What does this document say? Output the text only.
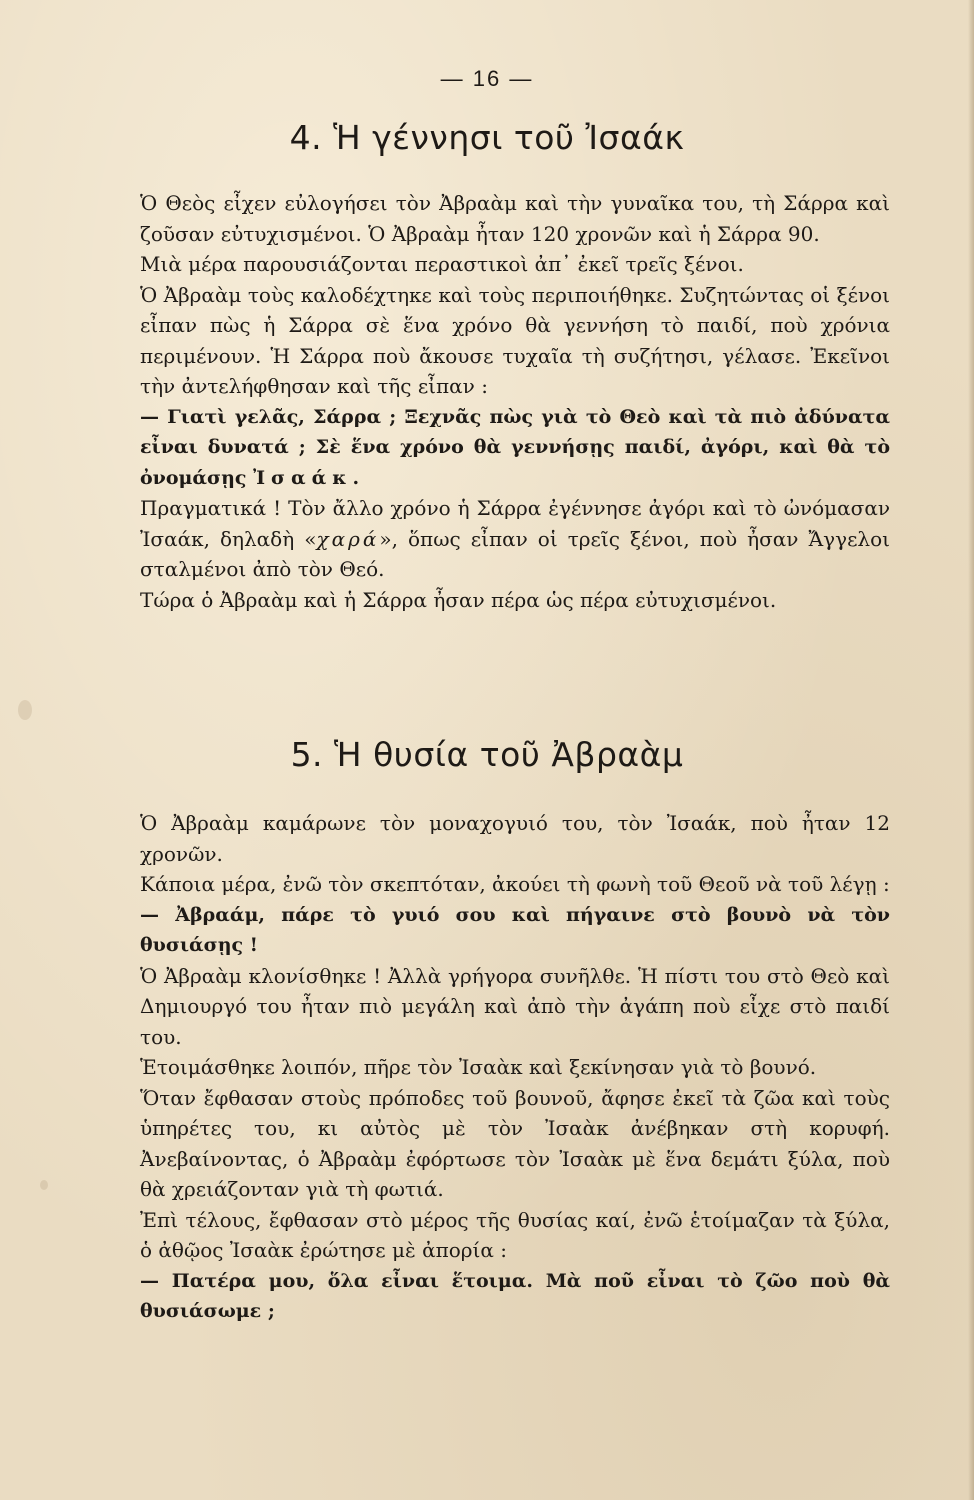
— 16 —
4. Ἡ γέννησι τοῦ Ἰσαάκ

Ὁ Θεὸς εἶχεν εὐλογήσει τὸν Ἀβραὰμ καὶ τὴν γυναῖκα του, τὴ Σάρρα καὶ ζοῦσαν εὐτυχισμένοι. Ὁ Ἀβραὰμ ἦταν 120 χρονῶν καὶ ἡ Σάρρα 90.

Μιὰ μέρα παρουσιάζονται περαστικοὶ ἀπ᾽ ἐκεῖ τρεῖς ξένοι.

Ὁ Ἀβραὰμ τοὺς καλοδέχτηκε καὶ τοὺς περιποιήθηκε. Συζητώντας οἱ ξένοι εἶπαν πὼς ἡ Σάρρα σὲ ἕνα χρόνο θὰ γεννήση τὸ παιδί, ποὺ χρόνια περιμένουν. Ἡ Σάρρα ποὺ ἄκουσε τυχαῖα τὴ συζήτησι, γέλασε. Ἐκεῖνοι τὴν ἀντελήφθησαν καὶ τῆς εἶπαν :

— Γιατὶ γελᾶς, Σάρρα ; Ξεχνᾶς πὼς γιὰ τὸ Θεὸ καὶ τὰ πιὸ ἀδύνατα εἶναι δυνατά ; Σὲ ἕνα χρόνο θὰ γεννήσῃς παιδί, ἀγόρι, καὶ θὰ τὸ ὀνομάσῃς Ἰσαάκ.

Πραγματικά ! Τὸν ἄλλο χρόνο ἡ Σάρρα ἐγέννησε ἀγόρι καὶ τὸ ὠνόμασαν Ἰσαάκ, δηλαδὴ «χαρά», ὅπως εἶπαν οἱ τρεῖς ξένοι, ποὺ ἦσαν Ἄγγελοι σταλμένοι ἀπὸ τὸν Θεό.

Τώρα ὁ Ἀβραὰμ καὶ ἡ Σάρρα ἦσαν πέρα ὡς πέρα εὐτυχισμένοι.

5. Ἡ θυσία τοῦ Ἀβραὰμ

Ὁ Ἀβραὰμ καμάρωνε τὸν μοναχογυιό του, τὸν Ἰσαάκ, ποὺ ἦταν 12 χρονῶν.

Κάποια μέρα, ἐνῶ τὸν σκεπτόταν, ἀκούει τὴ φωνὴ τοῦ Θεοῦ νὰ τοῦ λέγῃ :

— Ἀβραάμ, πάρε τὸ γυιό σου καὶ πήγαινε στὸ βουνὸ νὰ τὸν θυσιάσῃς !

Ὁ Ἀβραὰμ κλονίσθηκε ! Ἀλλὰ γρήγορα συνῆλθε. Ἡ πίστι του στὸ Θεὸ καὶ Δημιουργό του ἦταν πιὸ μεγάλη καὶ ἀπὸ τὴν ἀγάπη ποὺ εἶχε στὸ παιδί του.

Ἑτοιμάσθηκε λοιπόν, πῆρε τὸν Ἰσαὰκ καὶ ξεκίνησαν γιὰ τὸ βουνό.

Ὅταν ἔφθασαν στοὺς πρόποδες τοῦ βουνοῦ, ἄφησε ἐκεῖ τὰ ζῶα καὶ τοὺς ὑπηρέτες του, κι αὐτὸς μὲ τὸν Ἰσαὰκ ἀνέβηκαν στὴ κορυφή. Ἀνεβαίνοντας, ὁ Ἀβραὰμ ἐφόρτωσε τὸν Ἰσαὰκ μὲ ἕνα δεμάτι ξύλα, ποὺ θὰ χρειάζονταν γιὰ τὴ φωτιά.

Ἐπὶ τέλους, ἔφθασαν στὸ μέρος τῆς θυσίας καί, ἐνῶ ἑτοίμαζαν τὰ ξύλα, ὁ ἀθῷος Ἰσαὰκ ἐρώτησε μὲ ἀπορία :

— Πατέρα μου, ὅλα εἶναι ἕτοιμα. Μὰ ποῦ εἶναι τὸ ζῶο ποὺ θὰ θυσιάσωμε ;
